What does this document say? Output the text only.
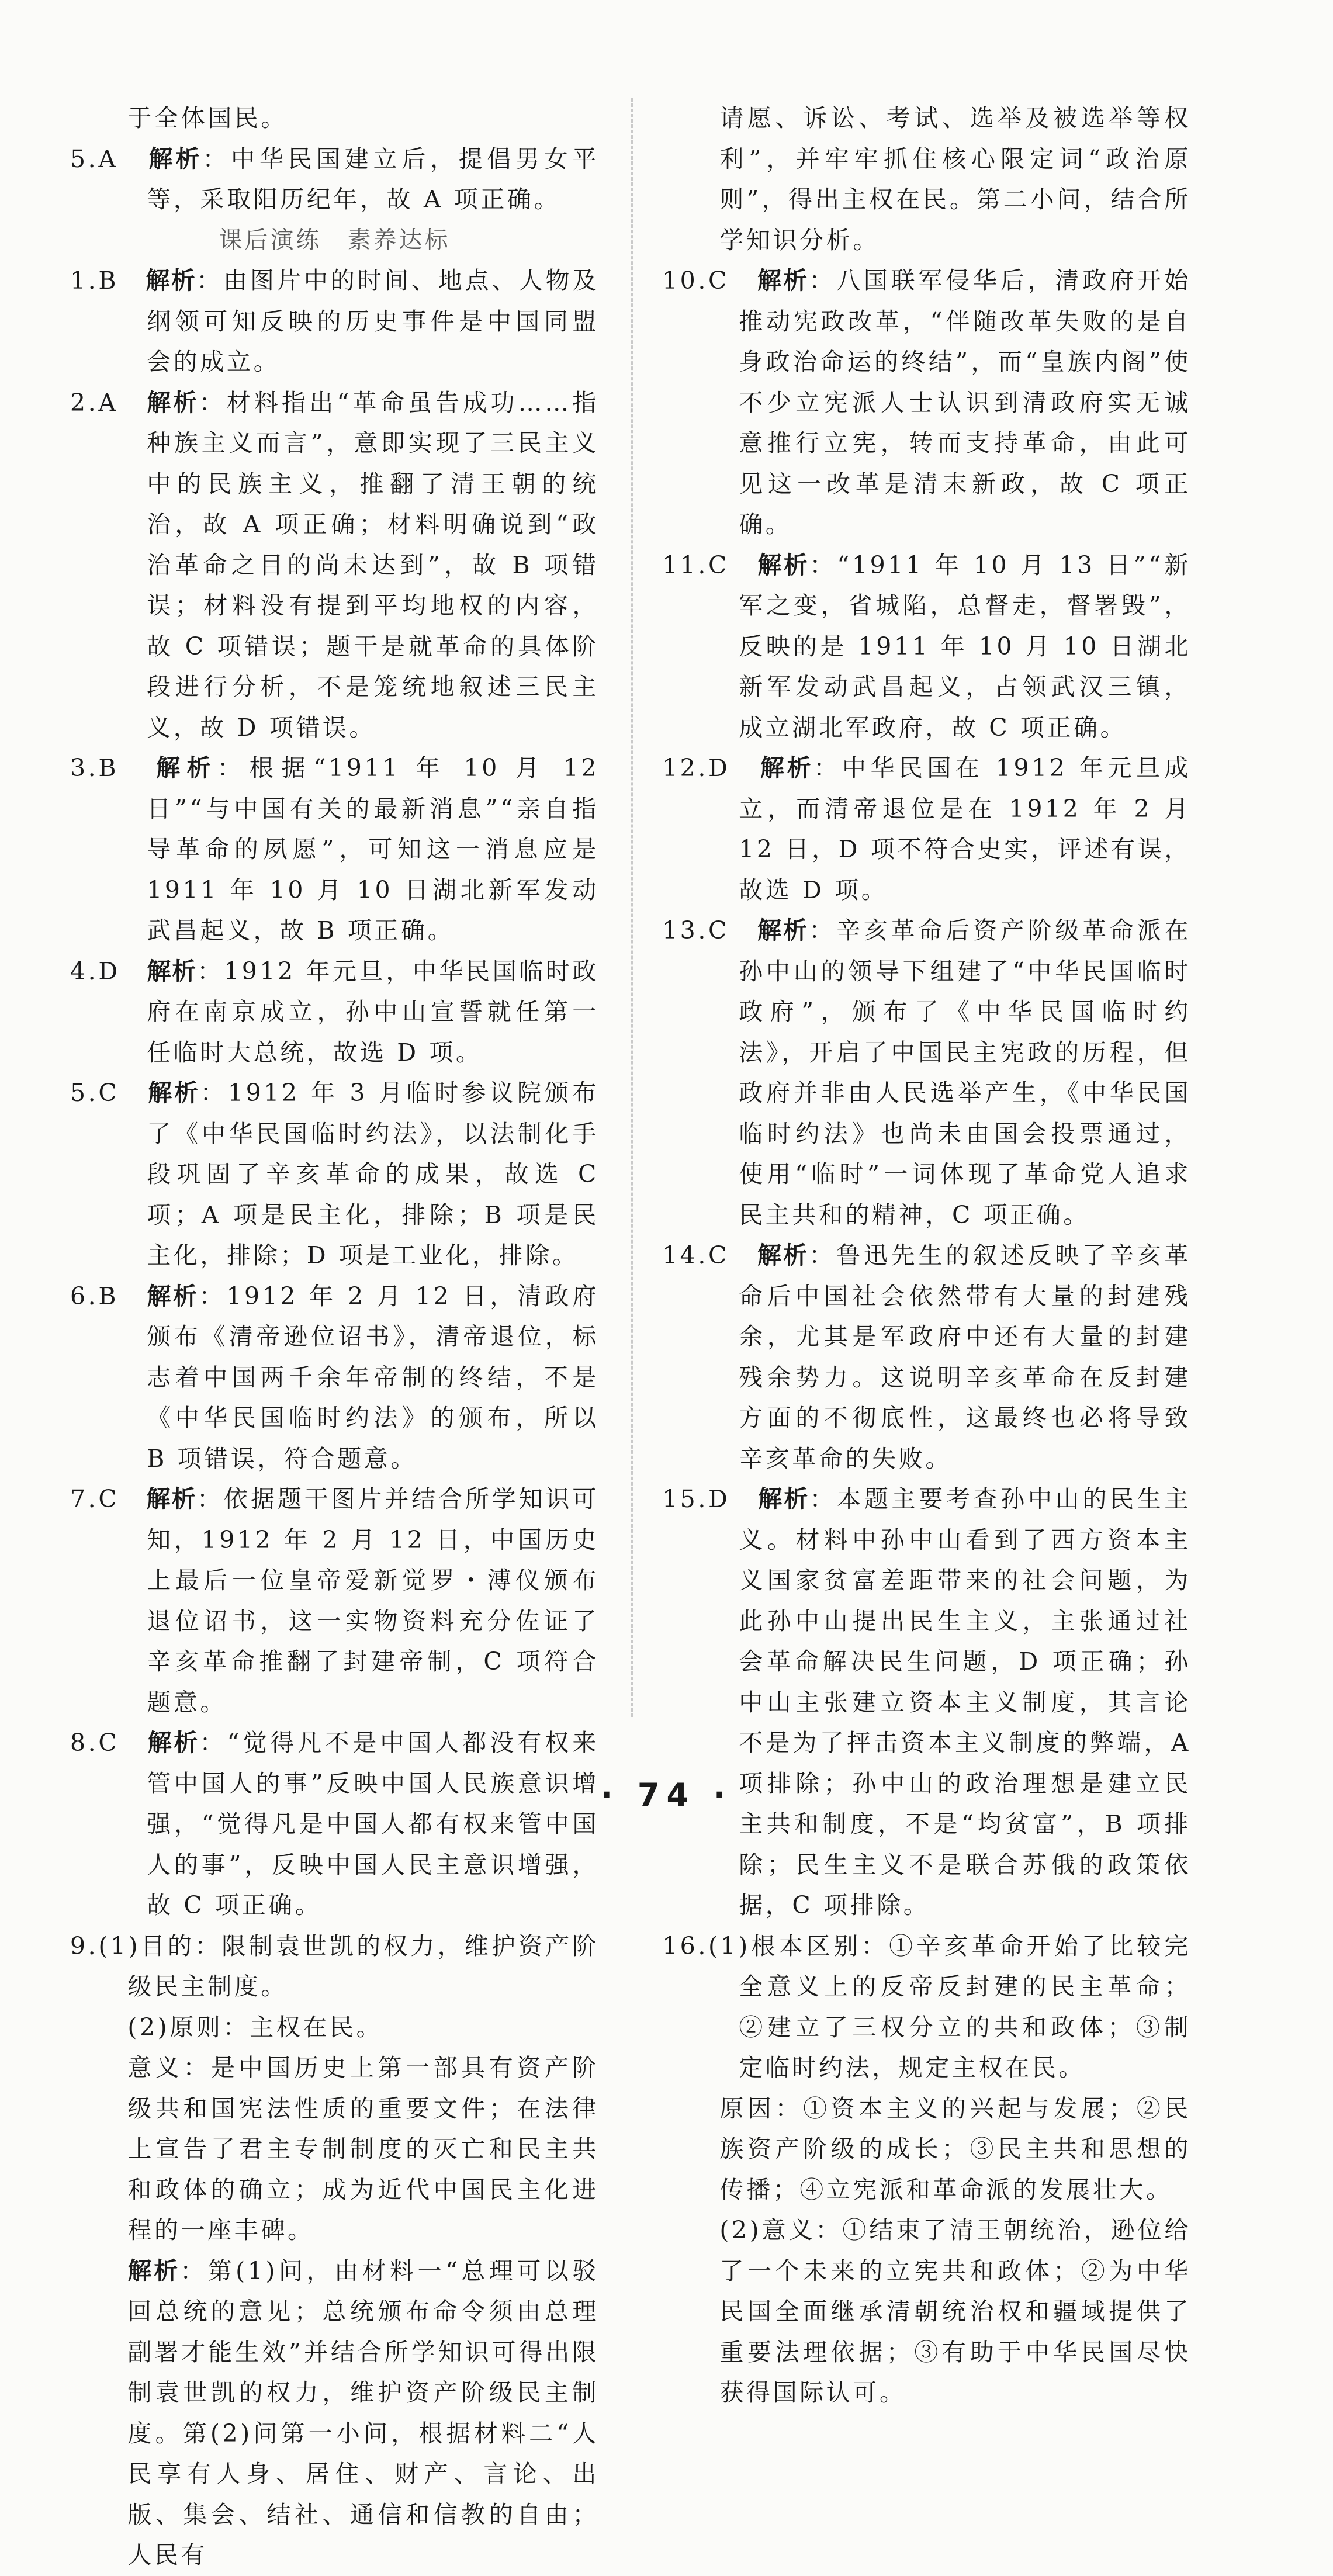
于全体国民。

5.A　解析：中华民国建立后，提倡男女平等，采取阳历纪年，故 A 项正确。

课后演练　素养达标

1.B　解析：由图片中的时间、地点、人物及纲领可知反映的历史事件是中国同盟会的成立。

2.A　解析：材料指出“革命虽告成功……指种族主义而言”，意即实现了三民主义中的民族主义，推翻了清王朝的统治，故 A 项正确；材料明确说到“政治革命之目的尚未达到”，故 B 项错误；材料没有提到平均地权的内容，故 C 项错误；题干是就革命的具体阶段进行分析，不是笼统地叙述三民主义，故 D 项错误。

3.B　解析：根据“1911 年 10 月 12 日”“与中国有关的最新消息”“亲自指导革命的夙愿”，可知这一消息应是 1911 年 10 月 10 日湖北新军发动武昌起义，故 B 项正确。

4.D　解析：1912 年元旦，中华民国临时政府在南京成立，孙中山宣誓就任第一任临时大总统，故选 D 项。

5.C　解析：1912 年 3 月临时参议院颁布了《中华民国临时约法》，以法制化手段巩固了辛亥革命的成果，故选 C 项；A 项是民主化，排除；B 项是民主化，排除；D 项是工业化，排除。

6.B　解析：1912 年 2 月 12 日，清政府颁布《清帝逊位诏书》，清帝退位，标志着中国两千余年帝制的终结，不是《中华民国临时约法》的颁布，所以 B 项错误，符合题意。

7.C　解析：依据题干图片并结合所学知识可知，1912 年 2 月 12 日，中国历史上最后一位皇帝爱新觉罗・溥仪颁布退位诏书，这一实物资料充分佐证了辛亥革命推翻了封建帝制，C 项符合题意。

8.C　解析：“觉得凡不是中国人都没有权来管中国人的事”反映中国人民族意识增强，“觉得凡是中国人都有权来管中国人的事”，反映中国人民主意识增强，故 C 项正确。

9.(1)目的：限制袁世凯的权力，维护资产阶级民主制度。

(2)原则：主权在民。

意义：是中国历史上第一部具有资产阶级共和国宪法性质的重要文件；在法律上宣告了君主专制制度的灭亡和民主共和政体的确立；成为近代中国民主化进程的一座丰碑。

解析：第(1)问，由材料一“总理可以驳回总统的意见；总统颁布命令须由总理副署才能生效”并结合所学知识可得出限制袁世凯的权力，维护资产阶级民主制度。第(2)问第一小问，根据材料二“人民享有人身、居住、财产、言论、出版、集会、结社、通信和信教的自由；人民有

请愿、诉讼、考试、选举及被选举等权利”，并牢牢抓住核心限定词“政治原则”，得出主权在民。第二小问，结合所学知识分析。

10.C　解析：八国联军侵华后，清政府开始推动宪政改革，“伴随改革失败的是自身政治命运的终结”，而“皇族内阁”使不少立宪派人士认识到清政府实无诚意推行立宪，转而支持革命，由此可见这一改革是清末新政，故 C 项正确。

11.C　解析：“1911 年 10 月 13 日”“新军之变，省城陷，总督走，督署毁”，反映的是 1911 年 10 月 10 日湖北新军发动武昌起义，占领武汉三镇，成立湖北军政府，故 C 项正确。

12.D　解析：中华民国在 1912 年元旦成立，而清帝退位是在 1912 年 2 月 12 日，D 项不符合史实，评述有误，故选 D 项。

13.C　解析：辛亥革命后资产阶级革命派在孙中山的领导下组建了“中华民国临时政府”，颁布了《中华民国临时约法》，开启了中国民主宪政的历程，但政府并非由人民选举产生，《中华民国临时约法》也尚未由国会投票通过，使用“临时”一词体现了革命党人追求民主共和的精神，C 项正确。

14.C　解析：鲁迅先生的叙述反映了辛亥革命后中国社会依然带有大量的封建残余，尤其是军政府中还有大量的封建残余势力。这说明辛亥革命在反封建方面的不彻底性，这最终也必将导致辛亥革命的失败。

15.D　解析：本题主要考查孙中山的民生主义。材料中孙中山看到了西方资本主义国家贫富差距带来的社会问题，为此孙中山提出民生主义，主张通过社会革命解决民生问题，D 项正确；孙中山主张建立资本主义制度，其言论不是为了抨击资本主义制度的弊端，A 项排除；孙中山的政治理想是建立民主共和制度，不是“均贫富”，B 项排除；民生主义不是联合苏俄的政策依据，C 项排除。

16.(1)根本区别：①辛亥革命开始了比较完全意义上的反帝反封建的民主革命；②建立了三权分立的共和政体；③制定临时约法，规定主权在民。

原因：①资本主义的兴起与发展；②民族资产阶级的成长；③民主共和思想的传播；④立宪派和革命派的发展壮大。

(2)意义：①结束了清王朝统治，逊位给了一个未来的立宪共和政体；②为中华民国全面继承清朝统治权和疆域提供了重要法理依据；③有助于中华民国尽快获得国际认可。

· 74 ·
